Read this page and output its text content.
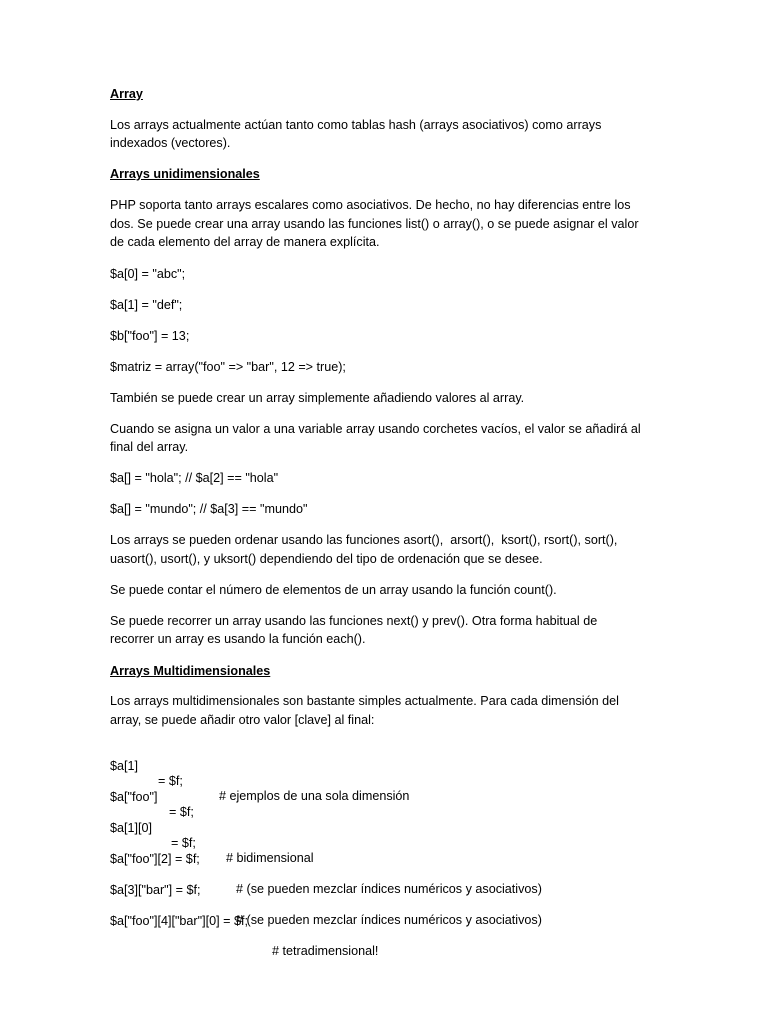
Array
Los arrays actualmente actúan tanto como tablas hash (arrays asociativos) como arrays
indexados (vectores).
Arrays unidimensionales
PHP soporta tanto arrays escalares como asociativos. De hecho, no hay diferencias entre los
dos. Se puede crear una array usando las funciones list() o array(), o se puede asignar el valor
de cada elemento del array de manera explícita.
$a[0] = "abc";
$a[1] = "def";
$b["foo"] = 13;
$matriz = array("foo" => "bar", 12 => true);
También se puede crear un array simplemente añadiendo valores al array.
Cuando se asigna un valor a una variable array usando corchetes vacíos, el valor se añadirá al
final del array.
$a[] = "hola"; // $a[2] == "hola"
$a[] = "mundo"; // $a[3] == "mundo"
Los arrays se pueden ordenar usando las funciones asort(),  arsort(),  ksort(), rsort(), sort(),
uasort(), usort(), y uksort() dependiendo del tipo de ordenación que se desee.
Se puede contar el número de elementos de un array usando la función count().
Se puede recorrer un array usando las funciones next() y prev(). Otra forma habitual de
recorrer un array es usando la función each().
Arrays Multidimensionales
Los arrays multidimensionales son bastante simples actualmente. Para cada dimensión del
array, se puede añadir otro valor [clave] al final:

$a[1]

= $f;

# ejemplos de una sola dimensión

$a["foo"]

= $f;

$a[1][0]

= $f;

# bidimensional

$a["foo"][2] = $f;

# (se pueden mezclar índices numéricos y asociativos)

$a[3]["bar"] = $f;

# (se pueden mezclar índices numéricos y asociativos)

$a["foo"][4]["bar"][0] = $f;

# tetradimensional!
